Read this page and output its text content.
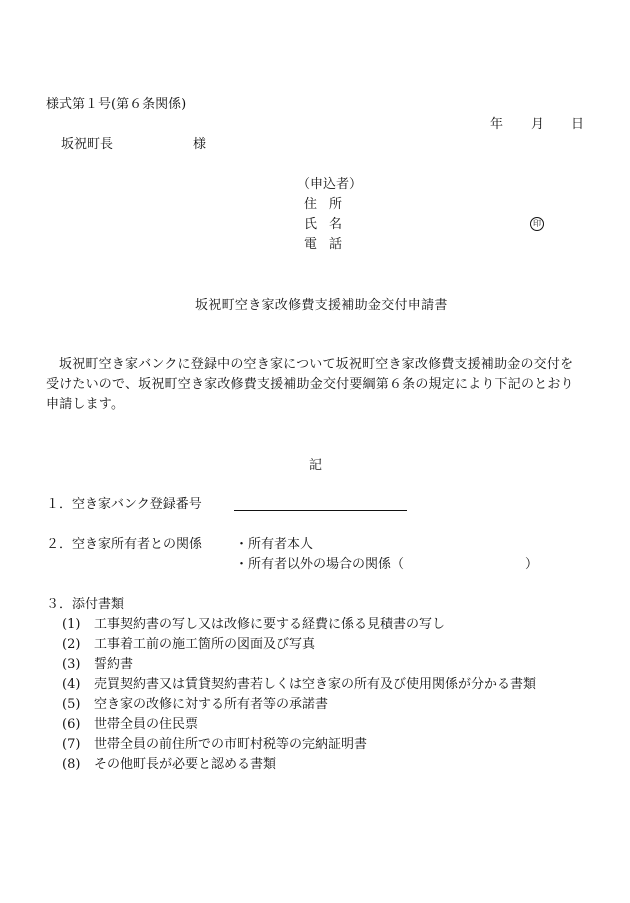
様式第１号(第６条関係)
年 月 日
坂祝町長	様
（申込者）
住所
氏名
電話
印
坂祝町空き家改修費支援補助金交付申請書
坂祝町空き家バンクに登録中の空き家について坂祝町空き家改修費支援補助金の交付を
受けたいので、坂祝町空き家改修費支援補助金交付要綱第６条の規定により下記のとおり
申請します。
記
１．空き家バンク登録番号
２．空き家所有者との関係	・所有者本人
・所有者以外の場合の関係（	）
３．添付書類
(1) 工事契約書の写し又は改修に要する経費に係る見積書の写し
(2) 工事着工前の施工箇所の図面及び写真
(3) 誓約書
(4) 売買契約書又は賃貸契約書若しくは空き家の所有及び使用関係が分かる書類
(5) 空き家の改修に対する所有者等の承諾書
(6) 世帯全員の住民票
(7) 世帯全員の前住所での市町村税等の完納証明書
(8) その他町長が必要と認める書類
